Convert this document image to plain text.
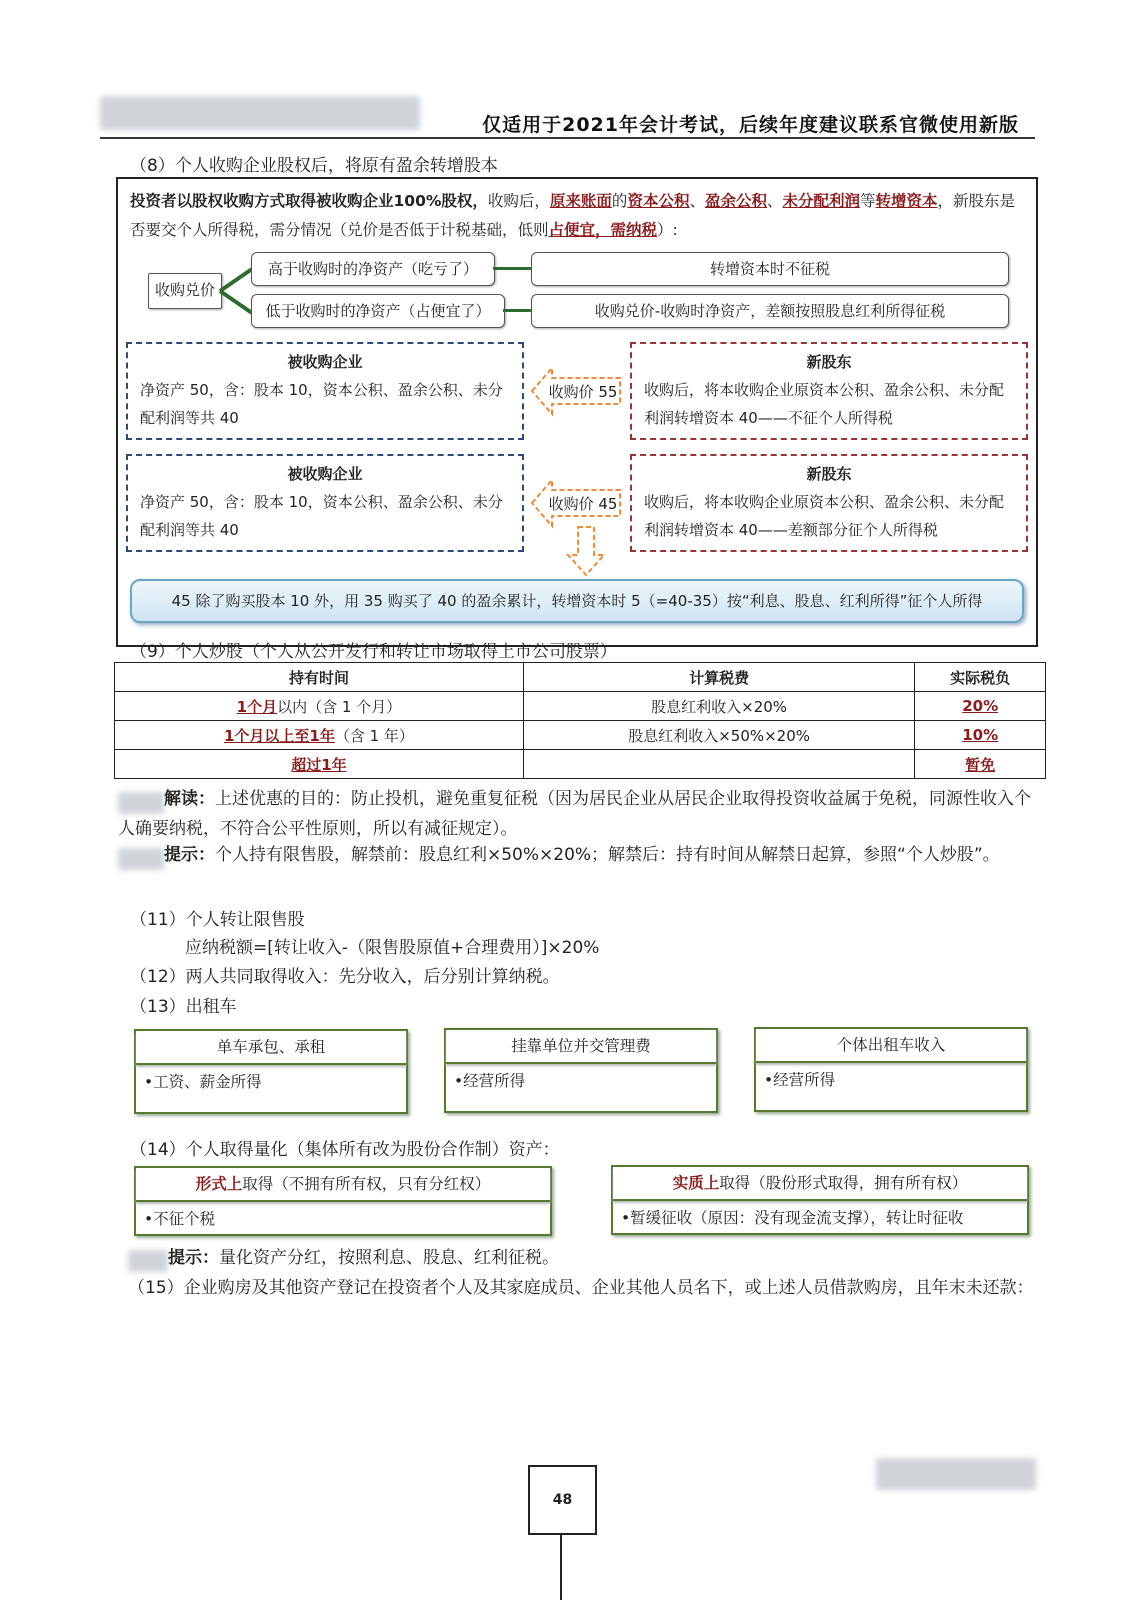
仅适用于2021年会计考试，后续年度建议联系官微使用新版
（8）个人收购企业股权后，将原有盈余转增股本
投资者以股权收购方式取得被收购企业100%股权，收购后，原来账面的资本公积、盈余公积、未分配利润等转增资本，新股东是否要交个人所得税，需分情况（兑价是否低于计税基础，低则占便宜，需纳税）:
收购兑价
高于收购时的净资产（吃亏了）
低于收购时的净资产（占便宜了）
转增资本时不征税
收购兑价-收购时净资产，差额按照股息红利所得征税
被收购企业
净资产 50，含：股本 10，资本公积、盈余公积、未分配利润等共 40
收购价 55
新股东
收购后，将本收购企业原资本公积、盈余公积、未分配利润转增资本 40——不征个人所得税
被收购企业
净资产 50，含：股本 10，资本公积、盈余公积、未分配利润等共 40
收购价 45
新股东
收购后，将本收购企业原资本公积、盈余公积、未分配利润转增资本 40——差额部分征个人所得税
45 除了购买股本 10 外，用 35 购买了 40 的盈余累计，转增资本时 5（=40-35）按“利息、股息、红利所得”征个人所得
（9）个人炒股（个人从公开发行和转让市场取得上市公司股票）
持有时间	计算税费	实际税负
1个月以内（含 1 个月）	股息红利收入×20%	20%
1个月以上至1年（含 1 年）	股息红利收入×50%×20%	10%
超过1年		暂免
解读：上述优惠的目的：防止投机，避免重复征税（因为居民企业从居民企业取得投资收益属于免税，同源性收入个人确要纳税，不符合公平性原则，所以有减征规定）。
提示：个人持有限售股，解禁前：股息红利×50%×20%；解禁后：持有时间从解禁日起算，参照“个人炒股”。
（11）个人转让限售股
应纳税额=[转让收入-（限售股原值+合理费用）]×20%
（12）两人共同取得收入：先分收入，后分别计算纳税。
（13）出租车
单车承包、承租
•工资、薪金所得
挂靠单位并交管理费
•经营所得
个体出租车收入
•经营所得
（14）个人取得量化（集体所有改为股份合作制）资产：
形式上取得（不拥有所有权，只有分红权）
•不征个税
实质上取得（股份形式取得，拥有所有权）
•暂缓征收（原因：没有现金流支撑），转让时征收
提示：量化资产分红，按照利息、股息、红利征税。
（15）企业购房及其他资产登记在投资者个人及其家庭成员、企业其他人员名下，或上述人员借款购房，且年末未还款：
48
